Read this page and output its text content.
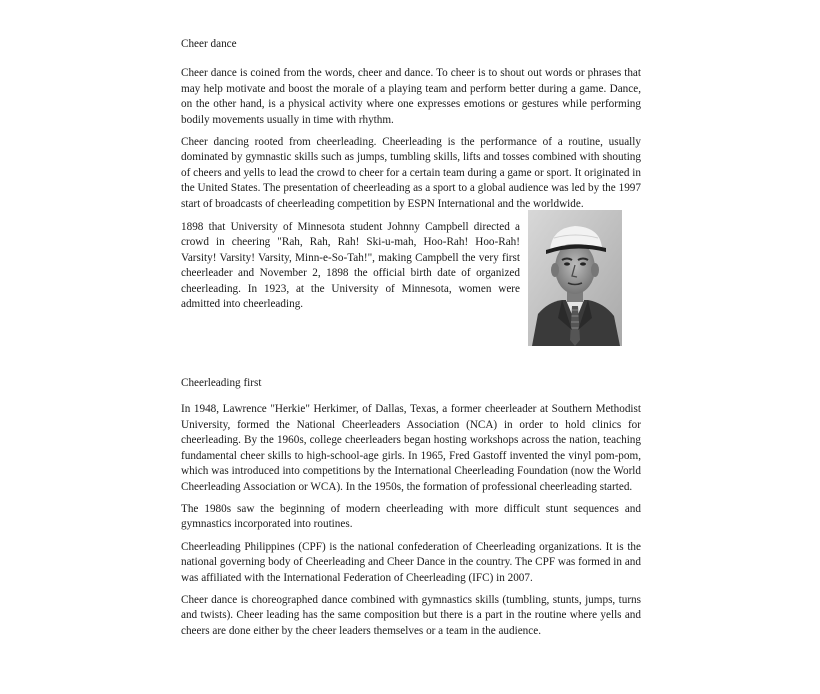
Cheer dance

Cheer dance is coined from the words, cheer and dance. To cheer is to shout out words or phrases that may help motivate and boost the morale of a playing team and perform better during a game. Dance, on the other hand, is a physical activity where one expresses emotions or gestures while performing bodily movements usually in time with rhythm.

Cheer dancing rooted from cheerleading. Cheerleading is the performance of a routine, usually dominated by gymnastic skills such as jumps, tumbling skills, lifts and tosses combined with shouting of cheers and yells to lead the crowd to cheer for a certain team during a game or sport. It originated in the United States. The presentation of cheerleading as a sport to a global audience was led by the 1997 start of broadcasts of cheerleading competition by ESPN International and the worldwide.

1898 that University of Minnesota student Johnny Campbell directed a crowd in cheering "Rah, Rah, Rah! Ski-u-mah, Hoo-Rah! Hoo-Rah! Varsity! Varsity! Varsity, Minn-e-So-Tah!", making Campbell the very first cheerleader and November 2, 1898 the official birth date of organized cheerleading. In 1923, at the University of Minnesota, women were admitted into cheerleading.

Cheerleading first

In 1948, Lawrence "Herkie" Herkimer, of Dallas, Texas, a former cheerleader at Southern Methodist University, formed the National Cheerleaders Association (NCA) in order to hold clinics for cheerleading. By the 1960s, college cheerleaders began hosting workshops across the nation, teaching fundamental cheer skills to high-school-age girls. In 1965, Fred Gastoff invented the vinyl pom-pom, which was introduced into competitions by the International Cheerleading Foundation (now the World Cheerleading Association or WCA). In the 1950s, the formation of professional cheerleading started.

The 1980s saw the beginning of modern cheerleading with more difficult stunt sequences and gymnastics incorporated into routines.

Cheerleading Philippines (CPF) is the national confederation of Cheerleading organizations. It is the national governing body of Cheerleading and Cheer Dance in the country. The CPF was formed in and was affiliated with the International Federation of Cheerleading (IFC) in 2007.

Cheer dance is choreographed dance combined with gymnastics skills (tumbling, stunts, jumps, turns and twists). Cheer leading has the same composition but there is a part in the routine where yells and cheers are done either by the cheer leaders themselves or a team in the audience.
